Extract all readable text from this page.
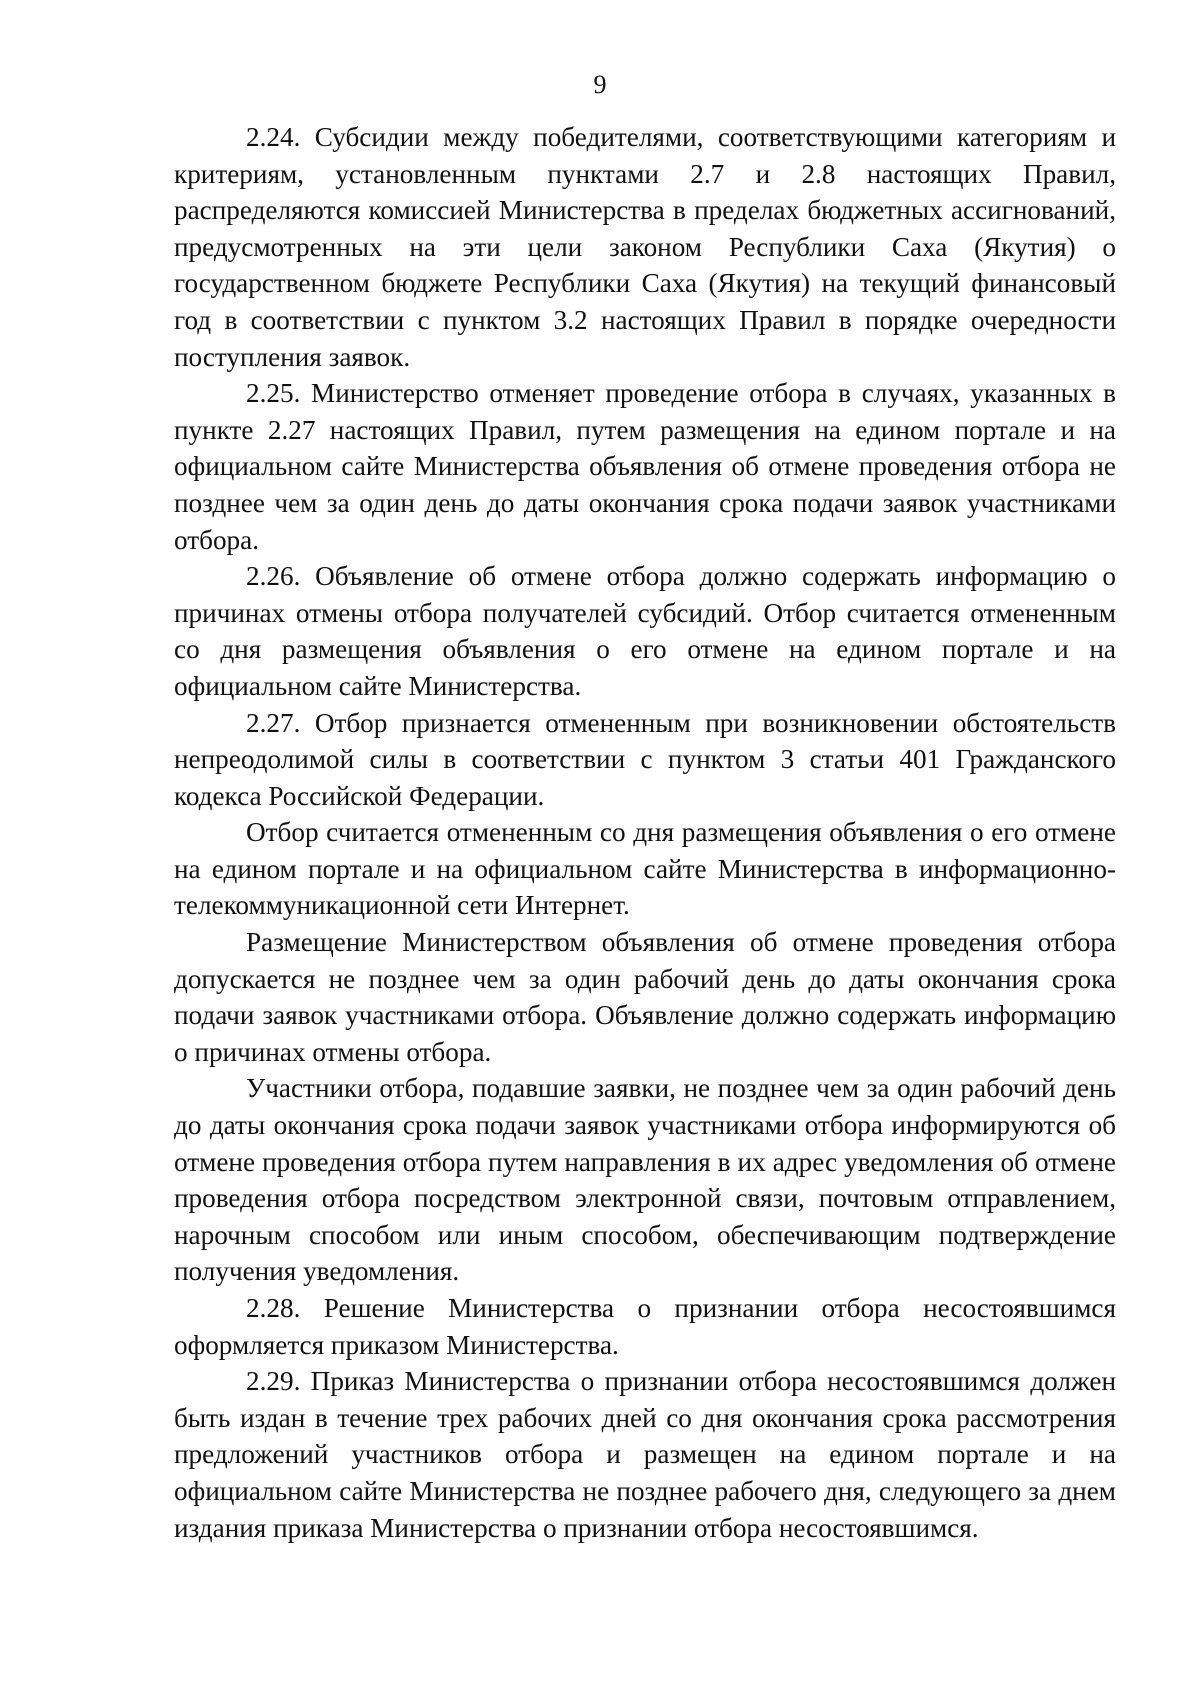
9

2.24. Субсидии между победителями, соответствующими категориям и критериям, установленным пунктами 2.7 и 2.8 настоящих Правил, распределяются комиссией Министерства в пределах бюджетных ассигнований, предусмотренных на эти цели законом Республики Саха (Якутия) о государственном бюджете Республики Саха (Якутия) на текущий финансовый год в соответствии с пунктом 3.2 настоящих Правил в порядке очередности поступления заявок.

2.25. Министерство отменяет проведение отбора в случаях, указанных в пункте 2.27 настоящих Правил, путем размещения на едином портале и на официальном сайте Министерства объявления об отмене проведения отбора не позднее чем за один день до даты окончания срока подачи заявок участниками отбора.

2.26. Объявление об отмене отбора должно содержать информацию о причинах отмены отбора получателей субсидий. Отбор считается отмененным со дня размещения объявления о его отмене на едином портале и на официальном сайте Министерства.

2.27. Отбор признается отмененным при возникновении обстоятельств непреодолимой силы в соответствии с пунктом 3 статьи 401 Гражданского кодекса Российской Федерации.

Отбор считается отмененным со дня размещения объявления о его отмене на едином портале и на официальном сайте Министерства в информационно-телекоммуникационной сети Интернет.

Размещение Министерством объявления об отмене проведения отбора допускается не позднее чем за один рабочий день до даты окончания срока подачи заявок участниками отбора. Объявление должно содержать информацию о причинах отмены отбора.

Участники отбора, подавшие заявки, не позднее чем за один рабочий день до даты окончания срока подачи заявок участниками отбора информируются об отмене проведения отбора путем направления в их адрес уведомления об отмене проведения отбора посредством электронной связи, почтовым отправлением, нарочным способом или иным способом, обеспечивающим подтверждение получения уведомления.

2.28. Решение Министерства о признании отбора несостоявшимся оформляется приказом Министерства.

2.29. Приказ Министерства о признании отбора несостоявшимся должен быть издан в течение трех рабочих дней со дня окончания срока рассмотрения предложений участников отбора и размещен на едином портале и на официальном сайте Министерства не позднее рабочего дня, следующего за днем издания приказа Министерства о признании отбора несостоявшимся.
